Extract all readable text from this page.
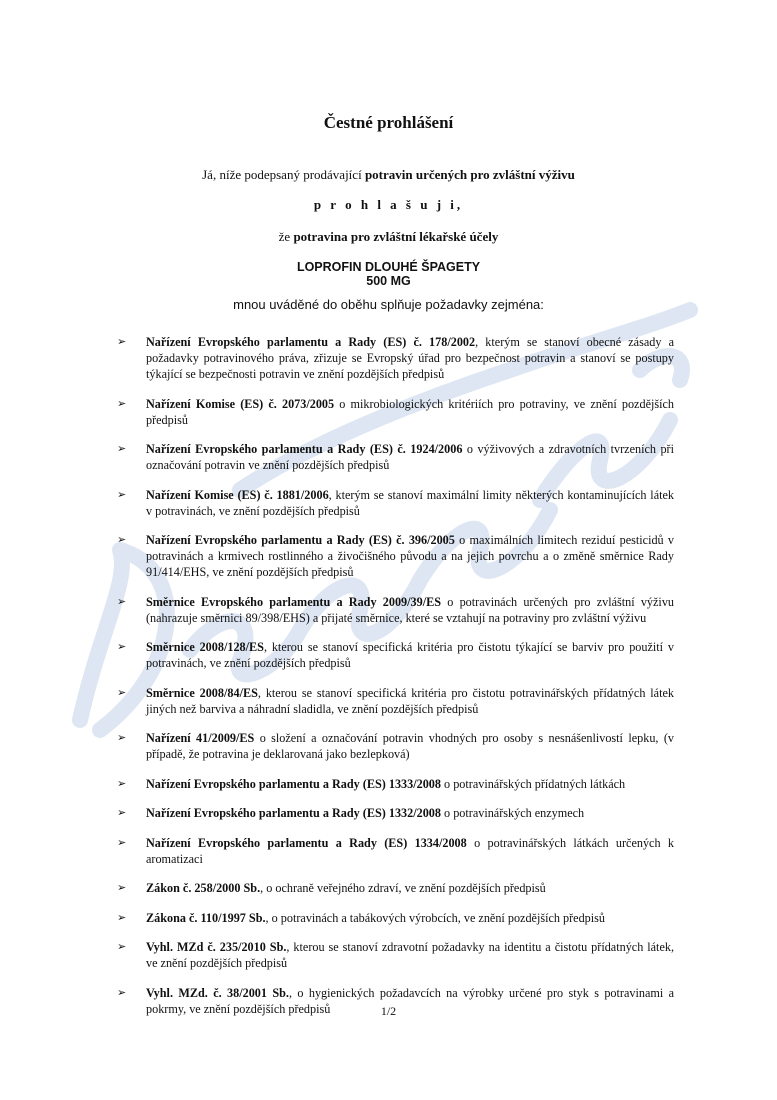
Čestné prohlášení
Já, níže podepsaný prodávající potravin určených pro zvláštní výživu
p r o h l a š u j i,
že potravina pro zvláštní lékařské účely
LOPROFIN DLOUHÉ ŠPAGETY
500 MG
mnou uváděné do oběhu splňuje požadavky zejména:
➢ Nařízení Evropského parlamentu a Rady (ES) č. 178/2002, kterým se stanoví obecné zásady a požadavky potravinového práva, zřizuje se Evropský úřad pro bezpečnost potravin a stanoví se postupy týkající se bezpečnosti potravin ve znění pozdějších předpisů
➢ Nařízení Komise (ES) č. 2073/2005 o mikrobiologických kritériích pro potraviny, ve znění pozdějších předpisů
➢ Nařízení Evropského parlamentu a Rady (ES) č. 1924/2006 o výživových a zdravotních tvrzeních při označování potravin ve znění pozdějších předpisů
➢ Nařízení Komise (ES) č. 1881/2006, kterým se stanoví maximální limity některých kontaminujících látek v potravinách, ve znění pozdějších předpisů
➢ Nařízení Evropského parlamentu a Rady (ES) č. 396/2005 o maximálních limitech reziduí pesticidů v potravinách a krmivech rostlinného a živočišného původu a na jejich povrchu a o změně směrnice Rady 91/414/EHS, ve znění pozdějších předpisů
➢ Směrnice Evropského parlamentu a Rady 2009/39/ES o potravinách určených pro zvláštní výživu (nahrazuje směrnici 89/398/EHS) a přijaté směrnice, které se vztahují na potraviny pro zvláštní výživu
➢ Směrnice 2008/128/ES, kterou se stanoví specifická kritéria pro čistotu týkající se barviv pro použití v potravinách, ve znění pozdějších předpisů
➢ Směrnice 2008/84/ES, kterou se stanoví specifická kritéria pro čistotu potravinářských přídatných látek jiných než barviva a náhradní sladidla, ve znění pozdějších předpisů
➢ Nařízení 41/2009/ES o složení a označování potravin vhodných pro osoby s nesnášenlivostí lepku, (v případě, že potravina je deklarovaná jako bezlepková)
➢ Nařízení Evropského parlamentu a Rady (ES) 1333/2008 o potravinářských přídatných látkách
➢ Nařízení Evropského parlamentu a Rady (ES) 1332/2008 o potravinářských enzymech
➢ Nařízení Evropského parlamentu a Rady (ES) 1334/2008 o potravinářských látkách určených k aromatizaci
➢ Zákon č. 258/2000 Sb., o ochraně veřejného zdraví, ve znění pozdějších předpisů
➢ Zákona č. 110/1997 Sb., o potravinách a tabákových výrobcích, ve znění pozdějších předpisů
➢ Vyhl. MZd č. 235/2010 Sb., kterou se stanoví zdravotní požadavky na identitu a čistotu přídatných látek, ve znění pozdějších předpisů
➢ Vyhl. MZd. č. 38/2001 Sb., o hygienických požadavcích na výrobky určené pro styk s potravinami a pokrmy, ve znění pozdějších předpisů	1/2
